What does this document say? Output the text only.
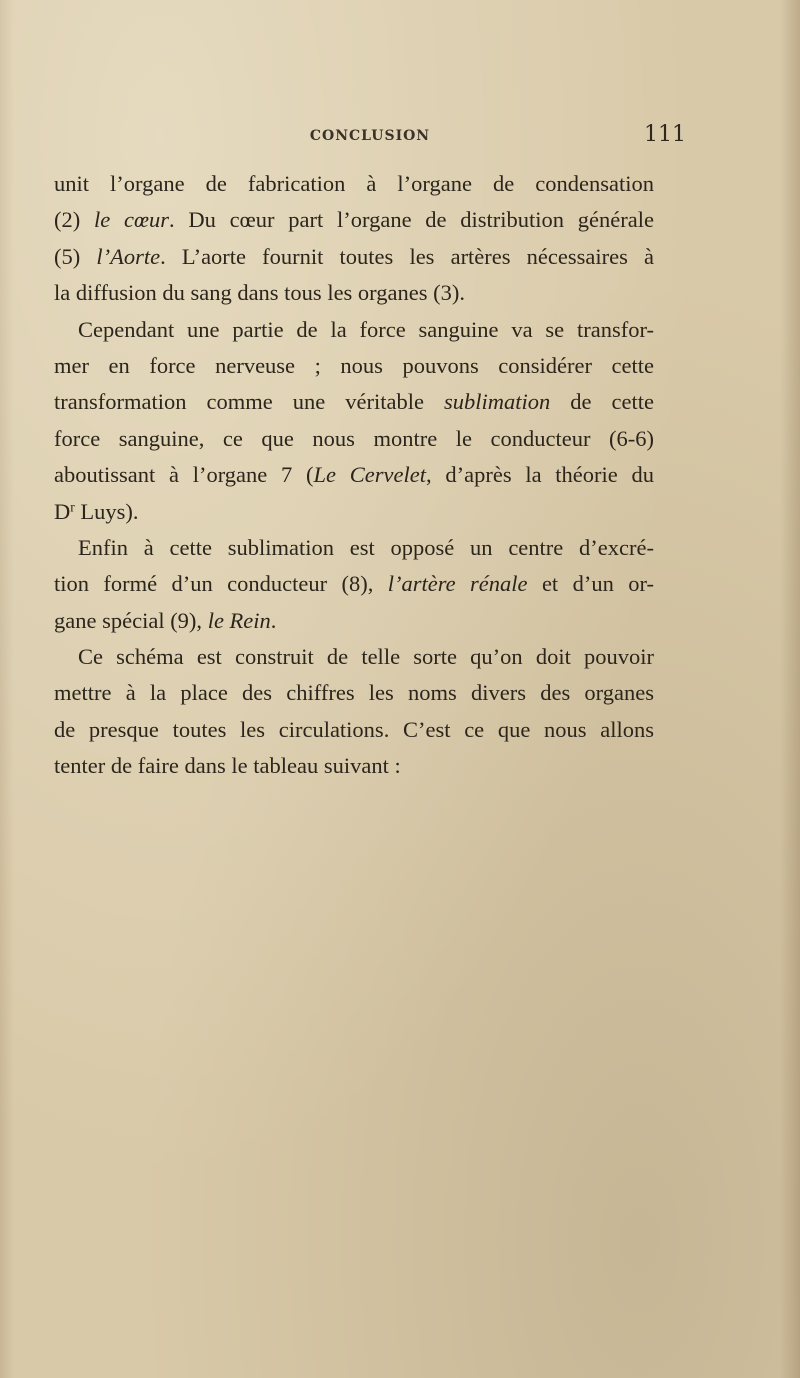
CONCLUSION	111
unit l’organe de fabrication à l’organe de condensation
(2) le cœur. Du cœur part l’organe de distribution générale
(5) l’Aorte. L’aorte fournit toutes les artères nécessaires à
la diffusion du sang dans tous les organes (3).
Cependant une partie de la force sanguine va se transfor-
mer en force nerveuse ; nous pouvons considérer cette
transformation comme une véritable sublimation de cette
force sanguine, ce que nous montre le conducteur (6-6)
aboutissant à l’organe 7 (Le Cervelet, d’après la théorie du
$D^r$ Luys).
Enfin à cette sublimation est opposé un centre d’excré-
tion formé d’un conducteur (8), l’artère rénale et d’un or-
gane spécial (9), le Rein.
Ce schéma est construit de telle sorte qu’on doit pouvoir
mettre à la place des chiffres les noms divers des organes
de presque toutes les circulations. C’est ce que nous allons
tenter de faire dans le tableau suivant :
